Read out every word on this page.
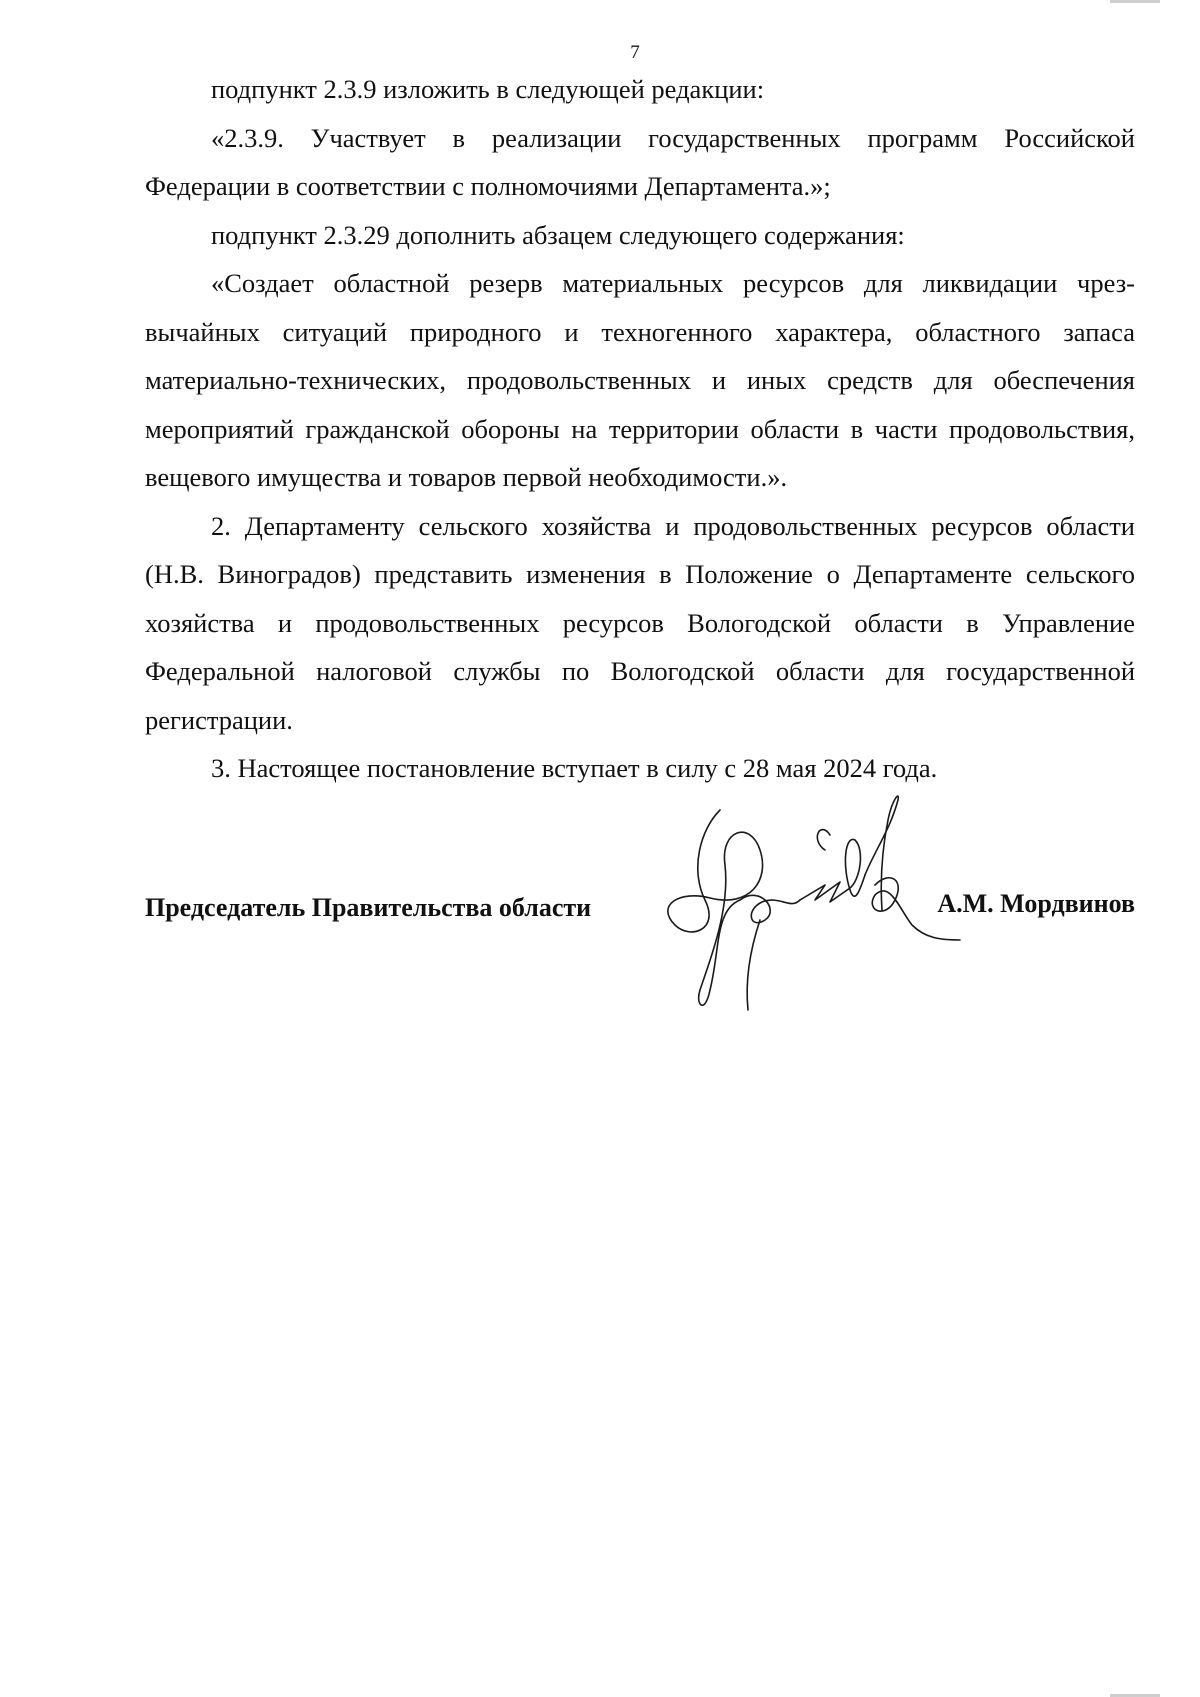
7

подпункт 2.3.9 изложить в следующей редакции:

«2.3.9. Участвует в реализации государственных программ Российской Федерации в соответствии с полномочиями Департамента.»;

подпункт 2.3.29 дополнить абзацем следующего содержания:

«Создает областной резерв материальных ресурсов для ликвидации чрезвычайных ситуаций природного и техногенного характера, областного запаса материально-технических, продовольственных и иных средств для обеспечения мероприятий гражданской обороны на территории области в части продовольствия, вещевого имущества и товаров первой необходимости.».

2. Департаменту сельского хозяйства и продовольственных ресурсов области (Н.В. Виноградов) представить изменения в Положение о Департаменте сельского хозяйства и продовольственных ресурсов Вологодской области в Управление Федеральной налоговой службы по Вологодской области для государственной регистрации.

3. Настоящее постановление вступает в силу с 28 мая 2024 года.

Председатель Правительства области	А.М. Мордвинов
